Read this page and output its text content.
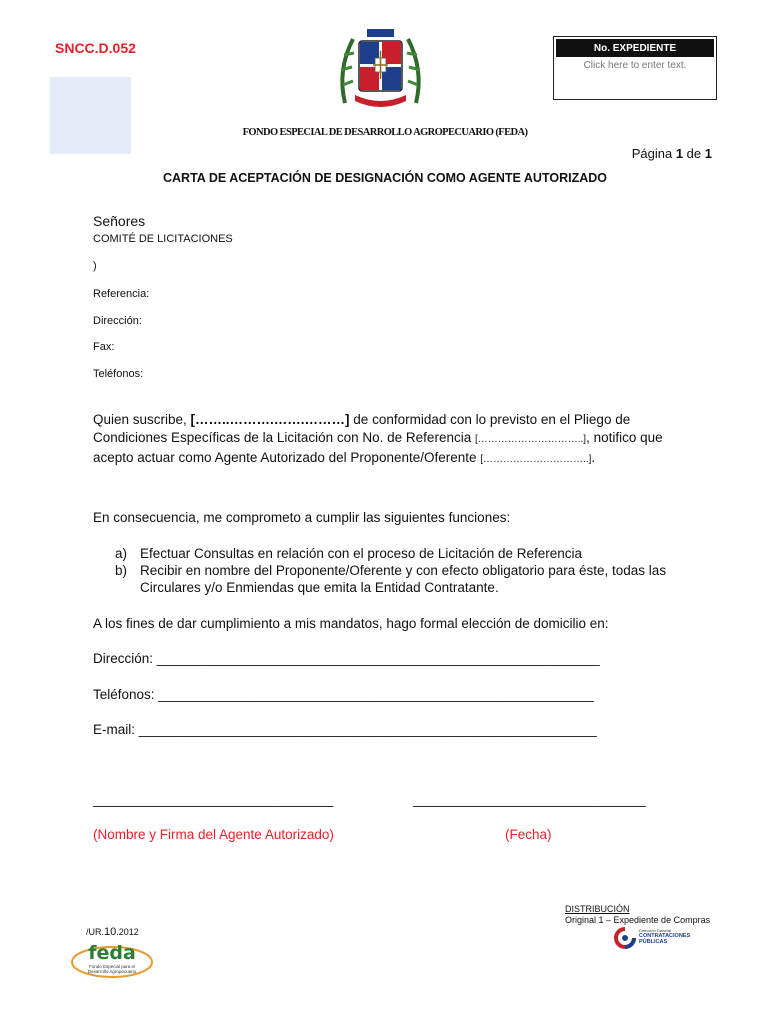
SNCC.D.052	No. EXPEDIENTE
Click here to enter text.
FONDO ESPECIAL DE DESARROLLO AGROPECUARIO (FEDA)
Página 1 de 1
CARTA DE ACEPTACIÓN DE DESIGNACIÓN COMO AGENTE AUTORIZADO
Señores
COMITÉ DE LICITACIONES
)
Referencia:
Dirección:
Fax:
Teléfonos:
Quien suscribe, [……..……….…….………] de conformidad con lo previsto en el Pliego de Condiciones Específicas de la Licitación con No. de Referencia […………………………..], notifico que acepto actuar como Agente Autorizado del Proponente/Oferente […………………………..].
En consecuencia, me comprometo a cumplir las siguientes funciones:
a) Efectuar Consultas en relación con el proceso de Licitación de Referencia
b) Recibir en nombre del Proponente/Oferente y con efecto obligatorio para éste, todas las Circulares y/o Enmiendas que emita la Entidad Contratante.
A los fines de dar cumplimiento a mis mandatos, hago formal elección de domicilio en:
Dirección: ___________________________________________________________
Teléfonos: __________________________________________________________
E-mail: _____________________________________________________________
________________________________	_______________________________
(Nombre y Firma del Agente Autorizado)	(Fecha)
DISTRIBUCIÓN
Original 1 – Expediente de Compras
/UR.10.2012
feda
Fondo Especial para el Desarrollo Agropecuario
Dirección General
CONTRATACIONES PÚBLICAS
